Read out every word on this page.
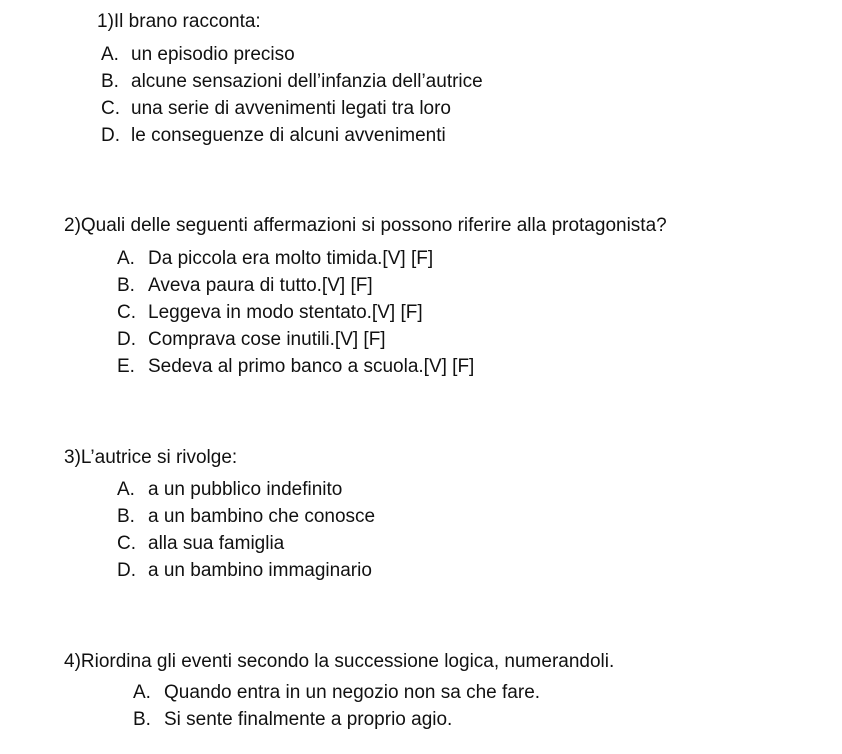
1)Il brano racconta:
A. un episodio preciso
B. alcune sensazioni dell’infanzia dell’autrice
C. una serie di avvenimenti legati tra loro
D. le conseguenze di alcuni avvenimenti
2)Quali delle seguenti affermazioni si possono riferire alla protagonista?
A. Da piccola era molto timida.[V] [F]
B. Aveva paura di tutto.[V] [F]
C. Leggeva in modo stentato.[V] [F]
D. Comprava cose inutili.[V] [F]
E. Sedeva al primo banco a scuola.[V] [F]
3)L’autrice si rivolge:
A. a un pubblico indefinito
B. a un bambino che conosce
C. alla sua famiglia
D. a un bambino immaginario
4)Riordina gli eventi secondo la successione logica, numerandoli.
A. Quando entra in un negozio non sa che fare.
B. Si sente finalmente a proprio agio.
